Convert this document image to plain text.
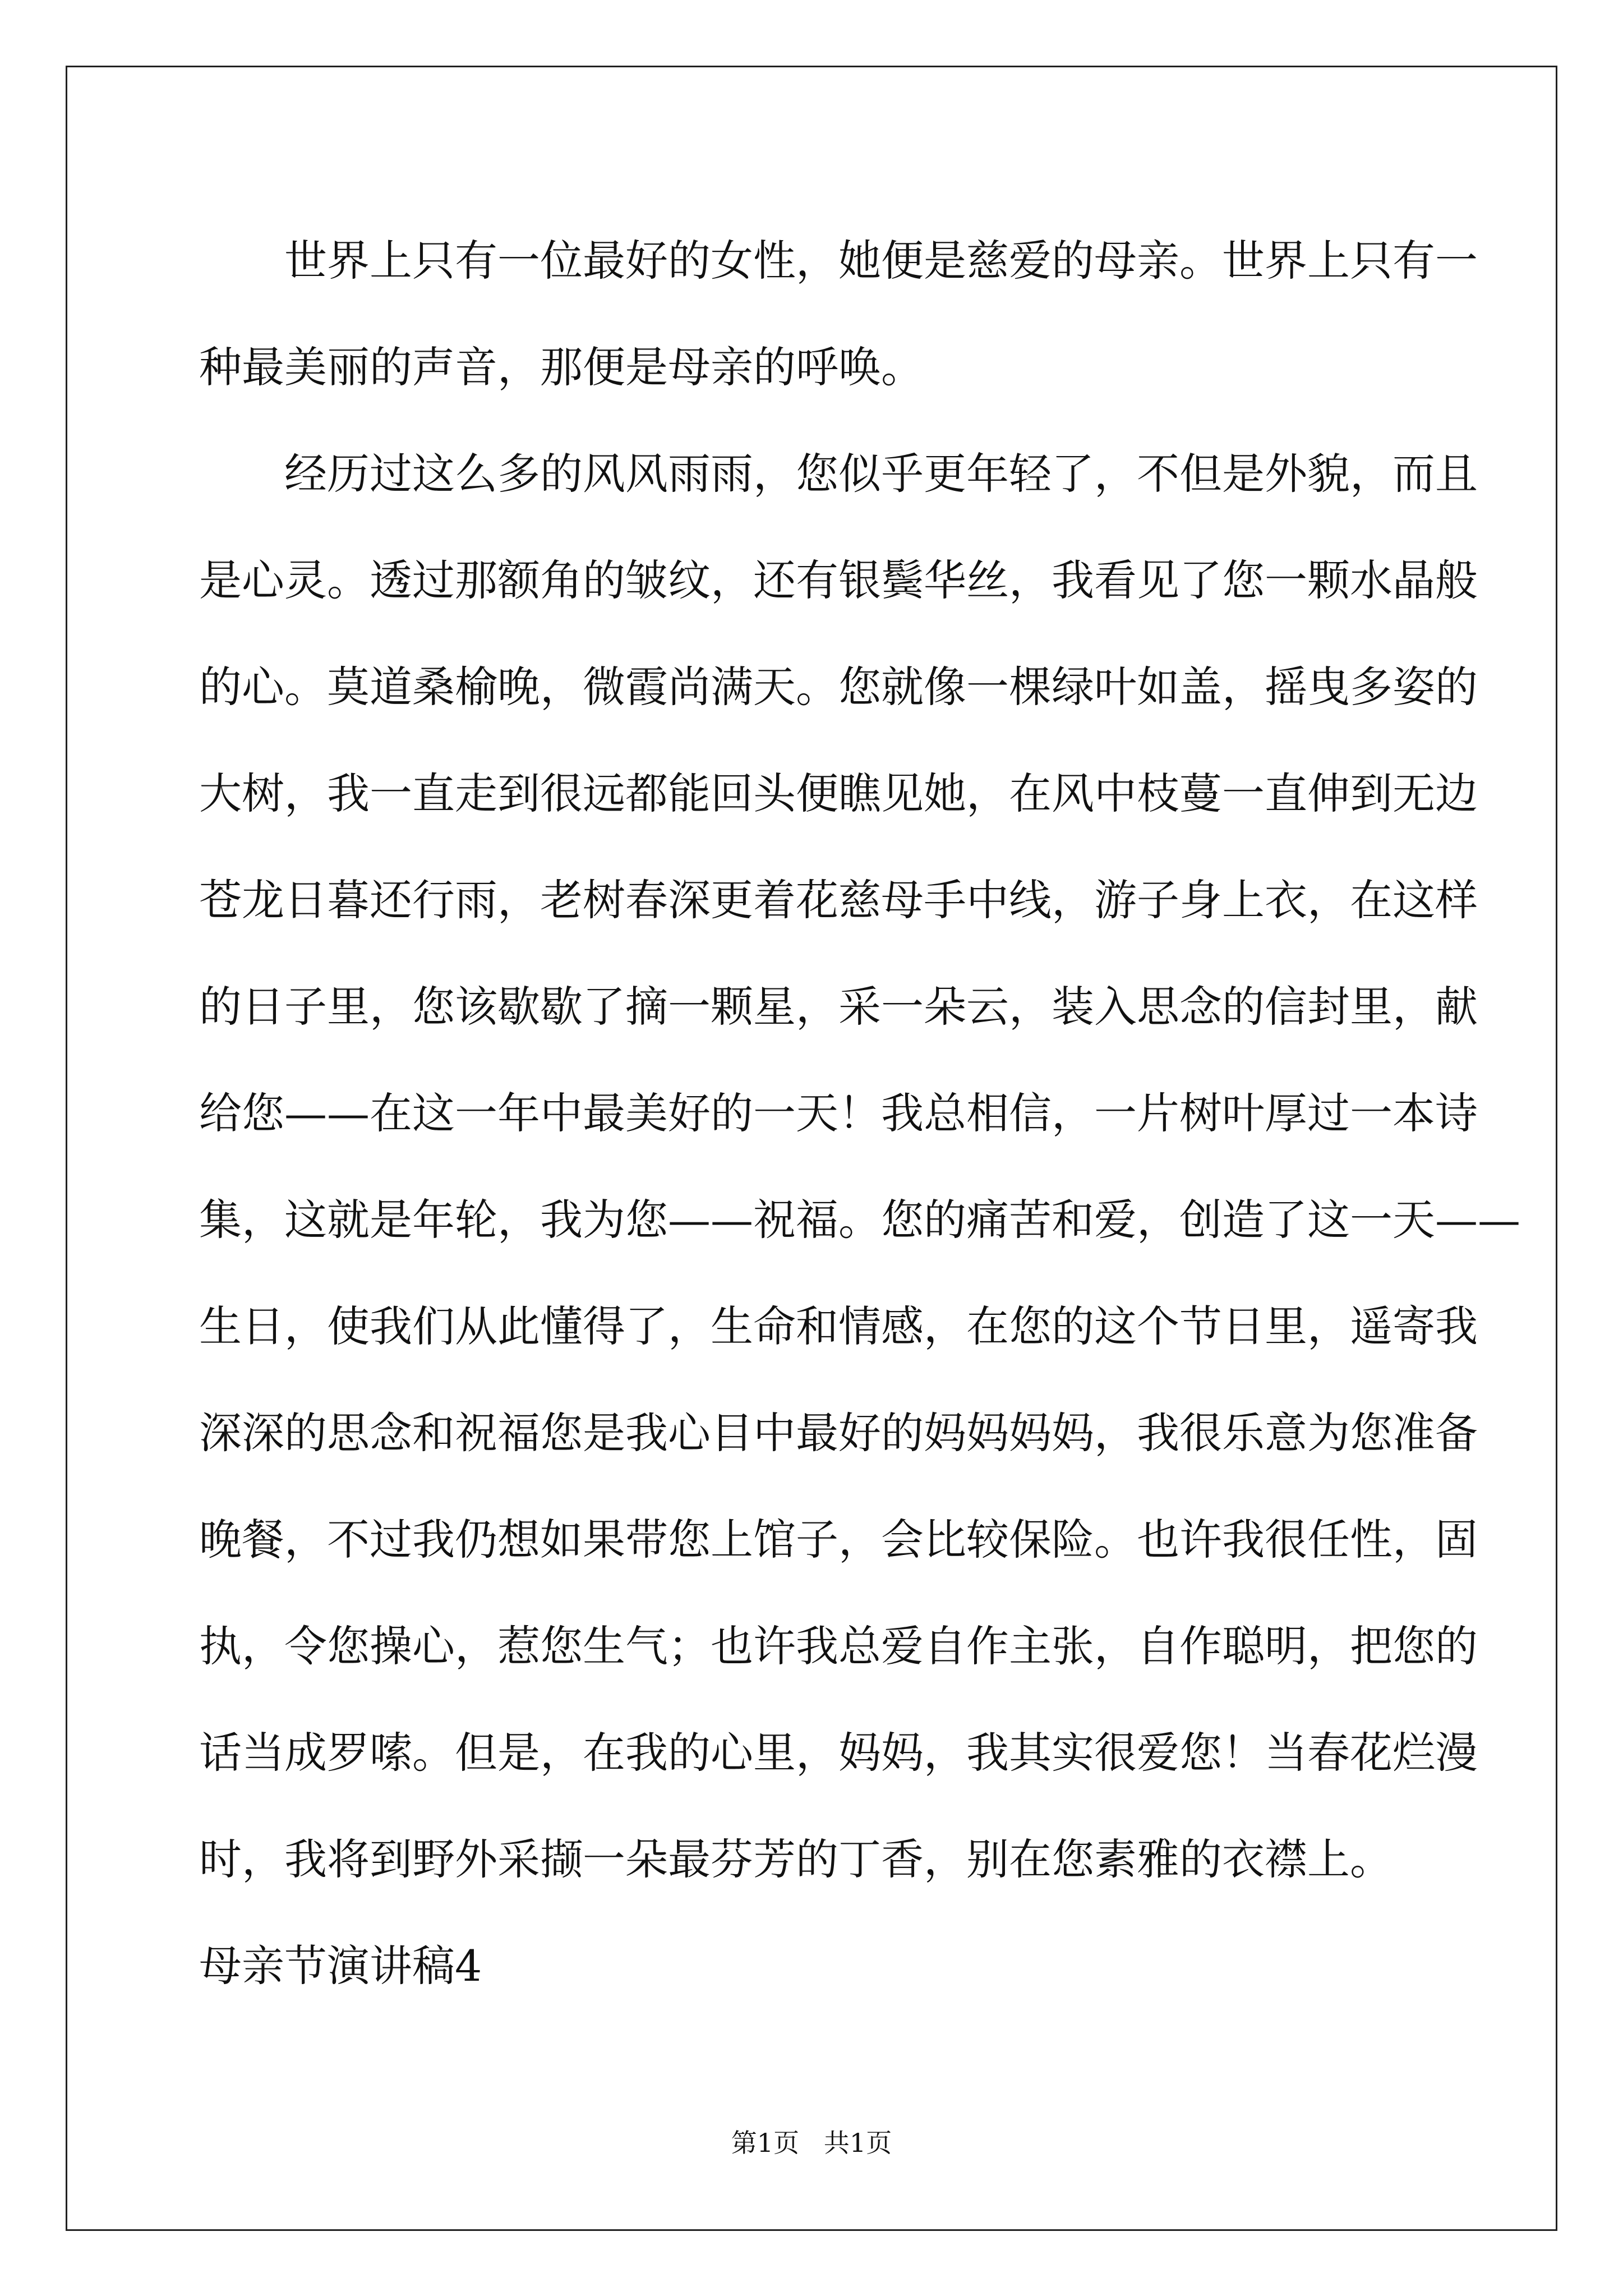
　　世界上只有一位最好的女性，她便是慈爱的母亲。世界上只有一
种最美丽的声音，那便是母亲的呼唤。
　　经历过这么多的风风雨雨，您似乎更年轻了，不但是外貌，而且
是心灵。透过那额角的皱纹，还有银鬓华丝，我看见了您一颗水晶般
的心。莫道桑榆晚，微霞尚满天。您就像一棵绿叶如盖，摇曳多姿的
大树，我一直走到很远都能回头便瞧见她，在风中枝蔓一直伸到无边
苍龙日暮还行雨，老树春深更着花慈母手中线，游子身上衣，在这样
的日子里，您该歇歇了摘一颗星，采一朵云，装入思念的信封里，献
给您——在这一年中最美好的一天！我总相信，一片树叶厚过一本诗
集，这就是年轮，我为您——祝福。您的痛苦和爱，创造了这一天——
生日，使我们从此懂得了，生命和情感，在您的这个节日里，遥寄我
深深的思念和祝福您是我心目中最好的妈妈妈妈，我很乐意为您准备
晚餐，不过我仍想如果带您上馆子，会比较保险。也许我很任性，固
执，令您操心，惹您生气；也许我总爱自作主张，自作聪明，把您的
话当成罗嗦。但是，在我的心里，妈妈，我其实很爱您！当春花烂漫
时，我将到野外采撷一朵最芬芳的丁香，别在您素雅的衣襟上。
母亲节演讲稿4
第1页   共1页
